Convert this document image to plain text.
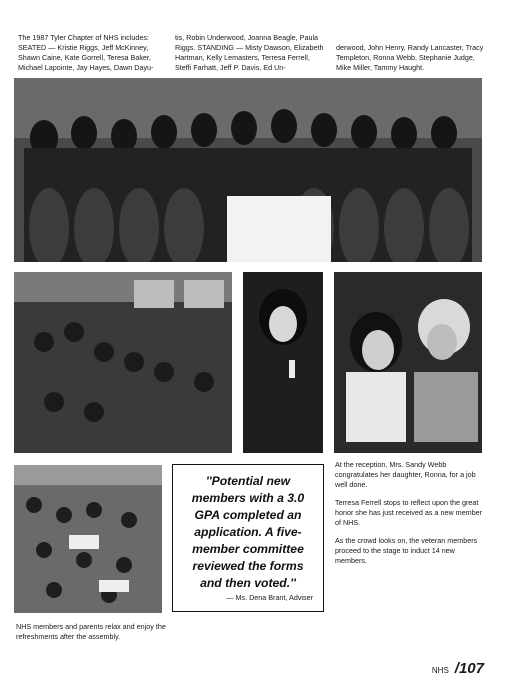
The 1987 Tyler Chapter of NHS includes: SEATED — Kristie Riggs, Jeff McKinney, Shawn Caine, Kate Gorrell, Teresa Baker, Michael Lapointe, Jay Hayes, Dawn Dayu-
tis, Robin Underwood, Joanna Beagle, Paula Riggs. STANDING — Misty Dawson, Elizabeth Hartman, Kelly Lemasters, Terresa Ferrell, Steffi Farhatt, Jeff P. Davis, Ed Un-
derwood, John Henry, Randy Lancaster, Tracy Templeton, Ronna Webb, Stephanie Judge, Mike Miller, Tammy Haught.
''Potential new members with a 3.0 GPA completed an application. A five-member committee reviewed the forms and then voted.''
— Ms. Dena Brant, Adviser

At the reception, Mrs. Sandy Webb congratulates her daughter, Ronna, for a job well done.

Terresa Ferrell stops to reflect upon the great honor she has just received as a new member of NHS.

As the crowd looks on, the veteran members proceed to the stage to induct 14 new members.

NHS members and parents relax and enjoy the refreshments after the assembly.
NHS /107
